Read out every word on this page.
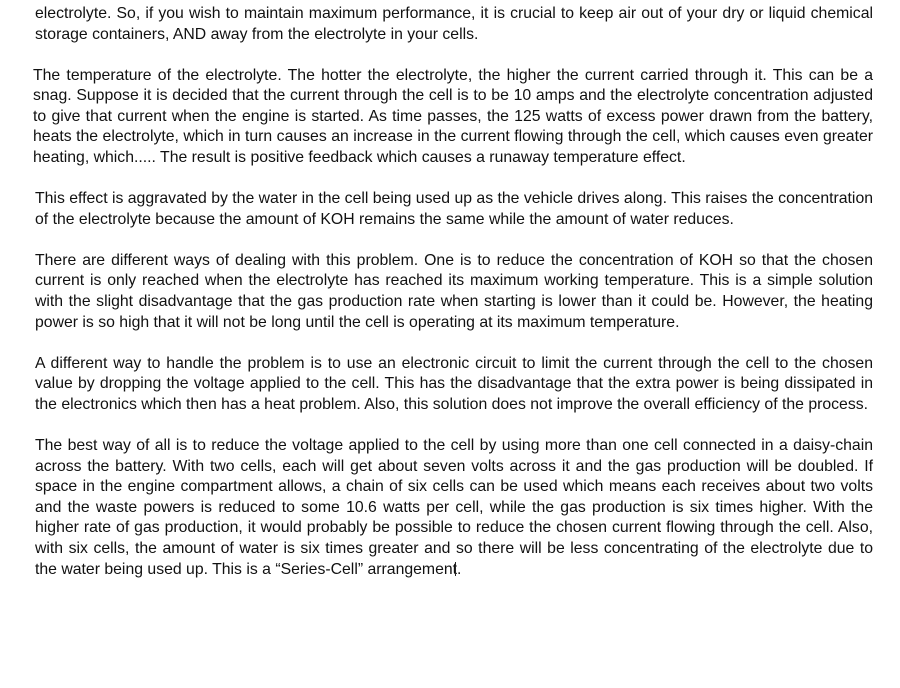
electrolyte. So, if you wish to maintain maximum performance, it is crucial to keep air out of your dry or liquid chemical storage containers, AND away from the electrolyte in your cells.

The temperature of the electrolyte. The hotter the electrolyte, the higher the current carried through it. This can be a snag. Suppose it is decided that the current through the cell is to be 10 amps and the electrolyte concentration adjusted to give that current when the engine is started. As time passes, the 125 watts of excess power drawn from the battery, heats the electrolyte, which in turn causes an increase in the current flowing through the cell, which causes even greater heating, which..... The result is positive feedback which causes a runaway temperature effect.

This effect is aggravated by the water in the cell being used up as the vehicle drives along. This raises the concentration of the electrolyte because the amount of KOH remains the same while the amount of water reduces.

There are different ways of dealing with this problem. One is to reduce the concentration of KOH so that the chosen current is only reached when the electrolyte has reached its maximum working temperature. This is a simple solution with the slight disadvantage that the gas production rate when starting is lower than it could be. However, the heating power is so high that it will not be long until the cell is operating at its maximum temperature.

A different way to handle the problem is to use an electronic circuit to limit the current through the cell to the chosen value by dropping the voltage applied to the cell. This has the disadvantage that the extra power is being dissipated in the electronics which then has a heat problem. Also, this solution does not improve the overall efficiency of the process.

The best way of all is to reduce the voltage applied to the cell by using more than one cell connected in a daisy-chain across the battery. With two cells, each will get about seven volts across it and the gas production will be doubled. If space in the engine compartment allows, a chain of six cells can be used which means each receives about two volts and the waste powers is reduced to some 10.6 watts per cell, while the gas production is six times higher. With the higher rate of gas production, it would probably be possible to reduce the chosen current flowing through the cell. Also, with six cells, the amount of water is six times greater and so there will be less concentrating of the electrolyte due to the water being used up. This is a “Series-Cell” arrangement.
